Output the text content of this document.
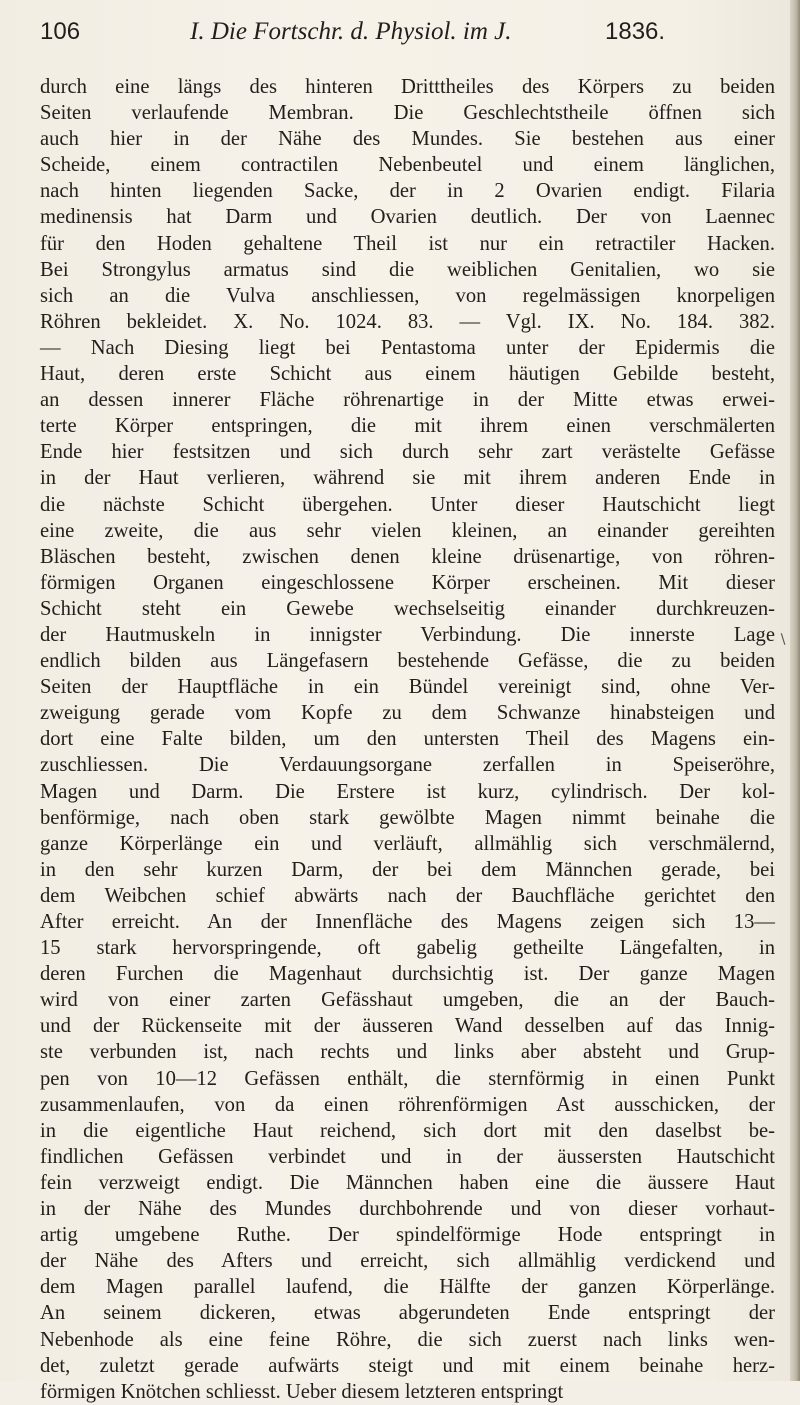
106	I. Die Fortschr. d. Physiol. im J.	1836.
durch eine längs des hinteren Dritttheiles des Körpers zu beiden
Seiten verlaufende Membran. Die Geschlechtstheile öffnen sich
auch hier in der Nähe des Mundes. Sie bestehen aus einer
Scheide, einem contractilen Nebenbeutel und einem länglichen,
nach hinten liegenden Sacke, der in 2 Ovarien endigt. Filaria
medinensis hat Darm und Ovarien deutlich. Der von Laennec
für den Hoden gehaltene Theil ist nur ein retractiler Hacken.
Bei Strongylus armatus sind die weiblichen Genitalien, wo sie
sich an die Vulva anschliessen, von regelmässigen knorpeligen
Röhren bekleidet. X. No. 1024. 83. — Vgl. IX. No. 184. 382.
— Nach Diesing liegt bei Pentastoma unter der Epidermis die
Haut, deren erste Schicht aus einem häutigen Gebilde besteht,
an dessen innerer Fläche röhrenartige in der Mitte etwas erwei-
terte Körper entspringen, die mit ihrem einen verschmälerten
Ende hier festsitzen und sich durch sehr zart verästelte Gefässe
in der Haut verlieren, während sie mit ihrem anderen Ende in
die nächste Schicht übergehen. Unter dieser Hautschicht liegt
eine zweite, die aus sehr vielen kleinen, an einander gereihten
Bläschen besteht, zwischen denen kleine drüsenartige, von röhren-
förmigen Organen eingeschlossene Körper erscheinen. Mit dieser
Schicht steht ein Gewebe wechselseitig einander durchkreuzen-
der Hautmuskeln in innigster Verbindung. Die innerste Lage
endlich bilden aus Längefasern bestehende Gefässe, die zu beiden
Seiten der Hauptfläche in ein Bündel vereinigt sind, ohne Ver-
zweigung gerade vom Kopfe zu dem Schwanze hinabsteigen und
dort eine Falte bilden, um den untersten Theil des Magens ein-
zuschliessen. Die Verdauungsorgane zerfallen in Speiseröhre,
Magen und Darm. Die Erstere ist kurz, cylindrisch. Der kol-
benförmige, nach oben stark gewölbte Magen nimmt beinahe die
ganze Körperlänge ein und verläuft, allmählig sich verschmälernd,
in den sehr kurzen Darm, der bei dem Männchen gerade, bei
dem Weibchen schief abwärts nach der Bauchfläche gerichtet den
After erreicht. An der Innenfläche des Magens zeigen sich 13—
15 stark hervorspringende, oft gabelig getheilte Längefalten, in
deren Furchen die Magenhaut durchsichtig ist. Der ganze Magen
wird von einer zarten Gefässhaut umgeben, die an der Bauch-
und der Rückenseite mit der äusseren Wand desselben auf das Innig-
ste verbunden ist, nach rechts und links aber absteht und Grup-
pen von 10—12 Gefässen enthält, die sternförmig in einen Punkt
zusammenlaufen, von da einen röhrenförmigen Ast ausschicken, der
in die eigentliche Haut reichend, sich dort mit den daselbst be-
findlichen Gefässen verbindet und in der äussersten Hautschicht
fein verzweigt endigt. Die Männchen haben eine die äussere Haut
in der Nähe des Mundes durchbohrende und von dieser vorhaut-
artig umgebene Ruthe. Der spindelförmige Hode entspringt in
der Nähe des Afters und erreicht, sich allmählig verdickend und
dem Magen parallel laufend, die Hälfte der ganzen Körperlänge.
An seinem dickeren, etwas abgerundeten Ende entspringt der
Nebenhode als eine feine Röhre, die sich zuerst nach links wen-
det, zuletzt gerade aufwärts steigt und mit einem beinahe herz-
förmigen Knötchen schliesst. Ueber diesem letzteren entspringt
∖
